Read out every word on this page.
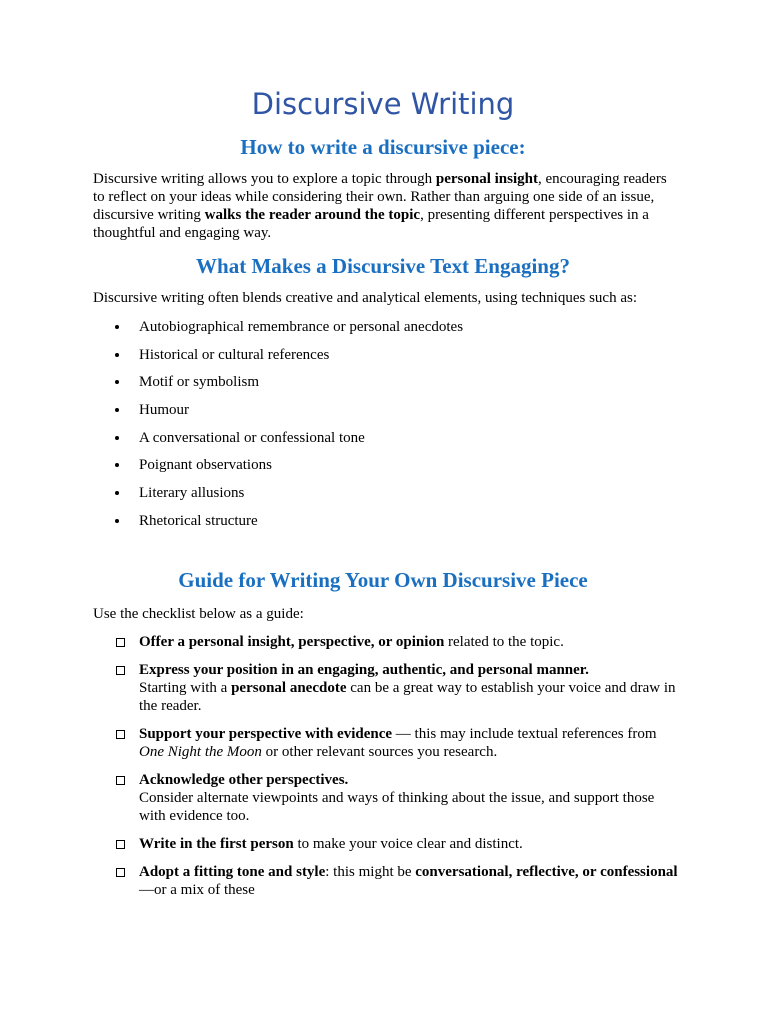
Discursive Writing
How to write a discursive piece:

Discursive writing allows you to explore a topic through personal insight, encouraging readers to reflect on your ideas while considering their own. Rather than arguing one side of an issue, discursive writing walks the reader around the topic, presenting different perspectives in a thoughtful and engaging way.

What Makes a Discursive Text Engaging?

Discursive writing often blends creative and analytical elements, using techniques such as:

Autobiographical remembrance or personal anecdotes
Historical or cultural references
Motif or symbolism
Humour
A conversational or confessional tone
Poignant observations
Literary allusions
Rhetorical structure
Guide for Writing Your Own Discursive Piece

Use the checklist below as a guide:

Offer a personal insight, perspective, or opinion related to the topic.
Express your position in an engaging, authentic, and personal manner.
Starting with a personal anecdote can be a great way to establish your voice and draw in the reader.
Support your perspective with evidence — this may include textual references from One Night the Moon or other relevant sources you research.
Acknowledge other perspectives.
Consider alternate viewpoints and ways of thinking about the issue, and support those with evidence too.
Write in the first person to make your voice clear and distinct.
Adopt a fitting tone and style: this might be conversational, reflective, or confessional—or a mix of these
